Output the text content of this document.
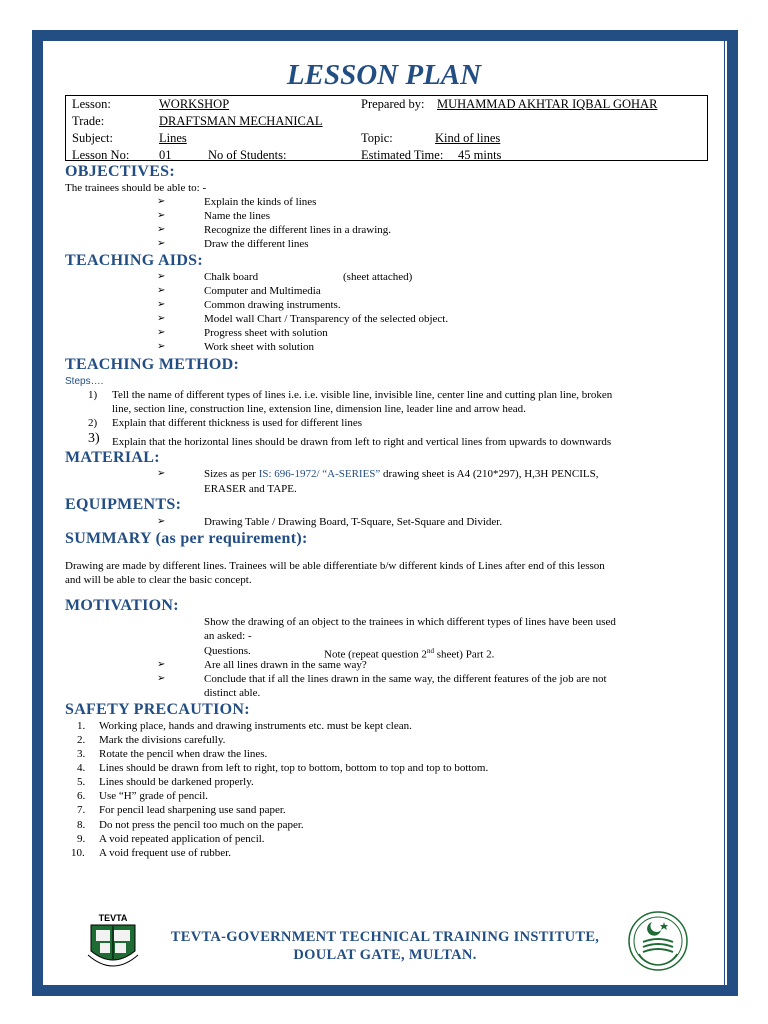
LESSON PLAN
Lesson:	WORKSHOP	Prepared by: MUHAMMAD AKHTAR IQBAL GOHAR
Trade:	DRAFTSMAN MECHANICAL
Subject:	Lines	Topic:	Kind of lines
Lesson No: 01	No of Students:	Estimated Time: 45 mints
OBJECTIVES:
The trainees should be able to: -
➢	Explain the kinds of lines
➢	Name the lines
➢	Recognize the different lines in a drawing.
➢	Draw the different lines
TEACHING AIDS:
➢	Chalk board	(sheet attached)
➢	Computer and Multimedia
➢	Common drawing instruments.
➢	Model wall Chart / Transparency of the selected object.
➢	Progress sheet with solution
➢	Work sheet with solution
TEACHING METHOD:
Steps….
1) Tell the name of different types of lines i.e. i.e. visible line, invisible line, center line and cutting plan line, broken
line, section line, construction line, extension line, dimension line, leader line and arrow head.
2) Explain that different thickness is used for different lines
3) Explain that the horizontal lines should be drawn from left to right and vertical lines from upwards to downwards
MATERIAL:
➢	Sizes as per IS: 696-1972/ “A-SERIES” drawing sheet is A4 (210*297), H,3H PENCILS,
ERASER and TAPE.
EQUIPMENTS:
➢	Drawing Table / Drawing Board, T-Square, Set-Square and Divider.
SUMMARY (as per requirement):
Drawing are made by different lines. Trainees will be able differentiate b/w different kinds of Lines after end of this lesson
and will be able to clear the basic concept.
MOTIVATION:
Show the drawing of an object to the trainees in which different types of lines have been used
an asked: -
Questions.	Note (repeat question 2nd sheet) Part 2.
➢	Are all lines drawn in the same way?
➢	Conclude that if all the lines drawn in the same way, the different features of the job are not
distinct able.
SAFETY PRECAUTION:
1. Working place, hands and drawing instruments etc. must be kept clean.
2. Mark the divisions carefully.
3. Rotate the pencil when draw the lines.
4. Lines should be drawn from left to right, top to bottom, bottom to top and top to bottom.
5. Lines should be darkened properly.
6. Use “H” grade of pencil.
7. For pencil lead sharpening use sand paper.
8. Do not press the pencil too much on the paper.
9. A void repeated application of pencil.
10. A void frequent use of rubber.
TEVTA
TEVTA-GOVERNMENT TECHNICAL TRAINING INSTITUTE,
DOULAT GATE, MULTAN.
